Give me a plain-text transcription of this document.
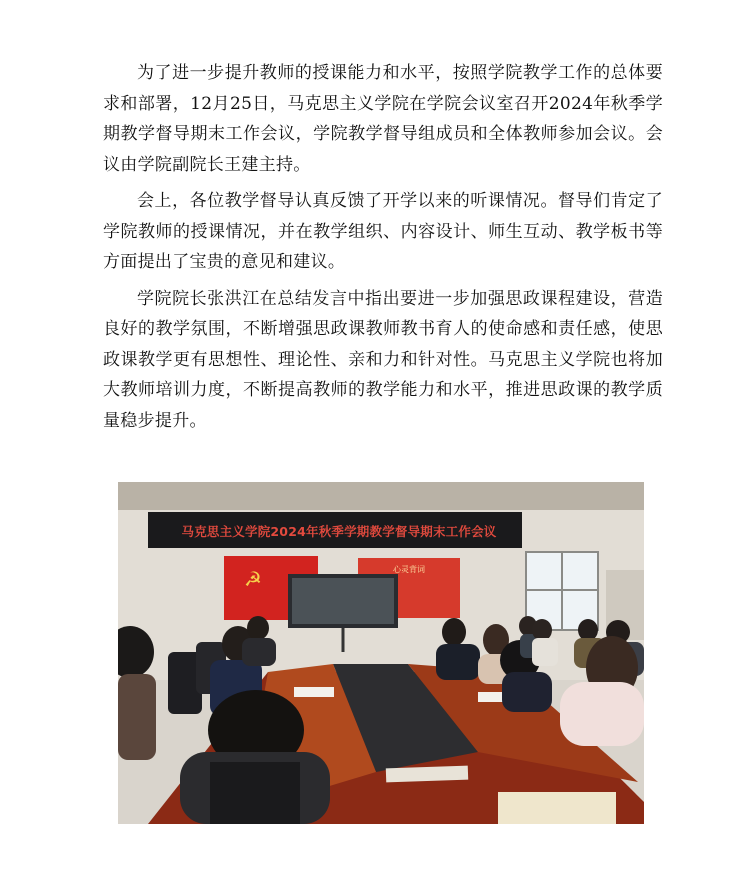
为了进一步提升教师的授课能力和水平，按照学院教学工作的总体要求和部署，12月25日，马克思主义学院在学院会议室召开2024年秋季学期教学督导期末工作会议，学院教学督导组成员和全体教师参加会议。会议由学院副院长王建主持。

会上，各位教学督导认真反馈了开学以来的听课情况。督导们肯定了学院教师的授课情况，并在教学组织、内容设计、师生互动、教学板书等方面提出了宝贵的意见和建议。

学院院长张洪江在总结发言中指出要进一步加强思政课程建设，营造良好的教学氛围，不断增强思政课教师教书育人的使命感和责任感，使思政课教学更有思想性、理论性、亲和力和针对性。马克思主义学院也将加大教师培训力度，不断提高教师的教学能力和水平，推进思政课的教学质量稳步提升。

☭
马克思主义学院2024年秋季学期教学督导期末工作会议
心灵背词
